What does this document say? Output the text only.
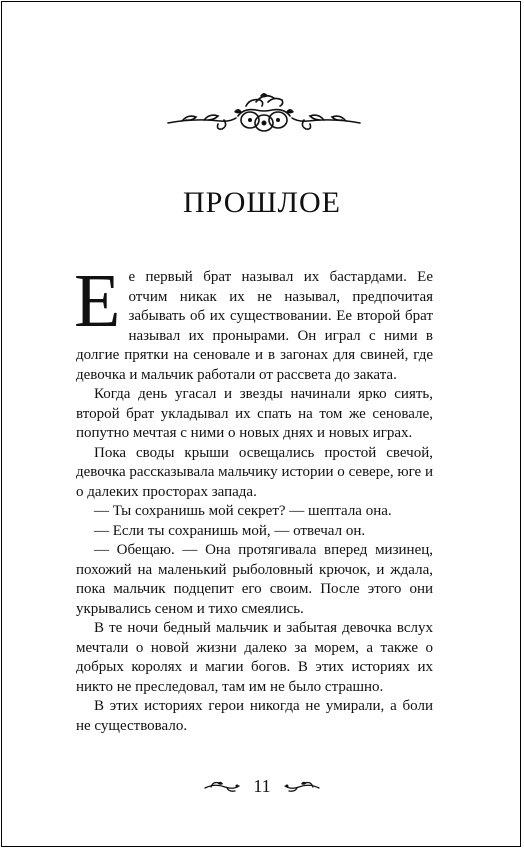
ПРОШЛОЕ

Ее первый брат называл их бастардами. Ее отчим никак их не называл, предпочитая забывать об их существовании. Ее второй брат называл их пронырами. Он играл с ними в долгие прятки на сеновале и в загонах для свиней, где девочка и мальчик работали от рассвета до заката.

Когда день угасал и звезды начинали ярко сиять, второй брат укладывал их спать на том же сеновале, попутно мечтая с ними о новых днях и новых играх.

Пока своды крыши освещались простой свечой, девочка рассказывала мальчику истории о севере, юге и о далеких просторах запада.

— Ты сохранишь мой секрет? — шептала она.

— Если ты сохранишь мой, — отвечал он.

— Обещаю. — Она протягивала вперед мизинец, похожий на маленький рыболовный крючок, и ждала, пока мальчик подцепит его своим. После этого они укрывались сеном и тихо смеялись.

В те ночи бедный мальчик и забытая девочка вслух мечтали о новой жизни далеко за морем, а также о добрых королях и магии богов. В этих историях их никто не преследовал, там им не было страшно.

В этих историях герои никогда не умирали, а боли не существовало.

11
